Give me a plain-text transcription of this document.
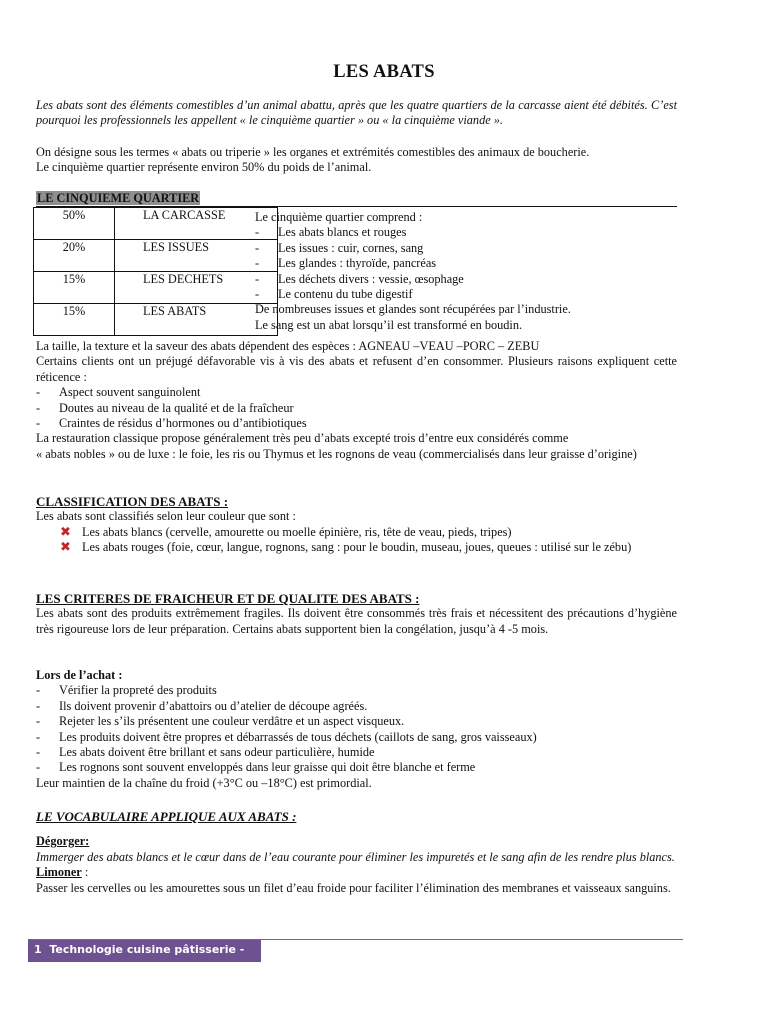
LES ABATS

Les abats sont des éléments comestibles d’un animal abattu, après que les quatre quartiers de la carcasse aient été débités. C’est pourquoi les professionnels les appellent « le cinquième quartier » ou « la cinquième viande ».

On désigne sous les termes « abats ou triperie » les organes et extrémités comestibles des animaux de boucherie.

Le cinquième quartier représente environ 50% du poids de l’animal.

LE CINQUIEME QUARTIER
50%	LA CARCASSE
20%	LES ISSUES
15%	LES DECHETS
15%	LES ABATS

Le cinquième quartier comprend :

-	Les abats blancs et rouges
-	Les issues : cuir, cornes, sang
-	Les glandes : thyroïde, pancréas
-	Les déchets divers : vessie, œsophage
-	Le contenu du tube digestif

De nombreuses issues et glandes sont récupérées par l’industrie.

Le sang est un abat lorsqu’il est transformé en boudin.

La taille, la texture et la saveur des abats dépendent des espèces : AGNEAU –VEAU –PORC – ZEBU

Certains clients ont un préjugé défavorable vis à vis des abats et refusent d’en consommer. Plusieurs raisons expliquent cette réticence :

-	Aspect souvent sanguinolent
-	Doutes au niveau de la qualité et de la fraîcheur
-	Craintes de résidus d’hormones ou d’antibiotiques

La restauration classique propose généralement très peu d’abats excepté trois d’entre eux considérés comme

« abats nobles » ou de luxe : le foie, les ris ou Thymus et les rognons de veau (commercialisés dans leur graisse d’origine)

CLASSIFICATION DES ABATS :

Les abats sont classifiés selon leur couleur que sont :

✖ Les abats blancs (cervelle, amourette ou moelle épinière, ris, tête de veau, pieds, tripes)
✖ Les abats rouges (foie, cœur, langue, rognons, sang : pour le boudin, museau, joues, queues : utilisé sur le zébu)

LES CRITERES DE FRAICHEUR ET DE QUALITE DES ABATS :

Les abats sont des produits extrêmement fragiles. Ils doivent être consommés très frais et nécessitent des précautions d’hygiène très rigoureuse lors de leur préparation. Certains abats supportent bien la congélation, jusqu’à 4 -5 mois.

Lors de l’achat :

-	Vérifier la propreté des produits
-	Ils doivent provenir d’abattoirs ou d’atelier de découpe agréés.
-	Rejeter les s’ils présentent une couleur verdâtre et un aspect visqueux.
-	Les produits doivent être propres et débarrassés de tous déchets (caillots de sang, gros vaisseaux)
-	Les abats doivent être brillant et sans odeur particulière, humide
-	Les rognons sont souvent enveloppés dans leur graisse qui doit être blanche et ferme

Leur maintien de la chaîne du froid (+3°C ou –18°C) est primordial.

LE VOCABULAIRE APPLIQUE AUX ABATS :

Dégorger:

Immerger des abats blancs et le cœur dans de l’eau courante pour éliminer les impuretés et le sang afin de les rendre plus blancs.

Limoner :

Passer les cervelles ou les amourettes sous un filet d’eau froide pour faciliter l’élimination des membranes et vaisseaux sanguins.

1 Technologie cuisine pâtisserie - EMTH
